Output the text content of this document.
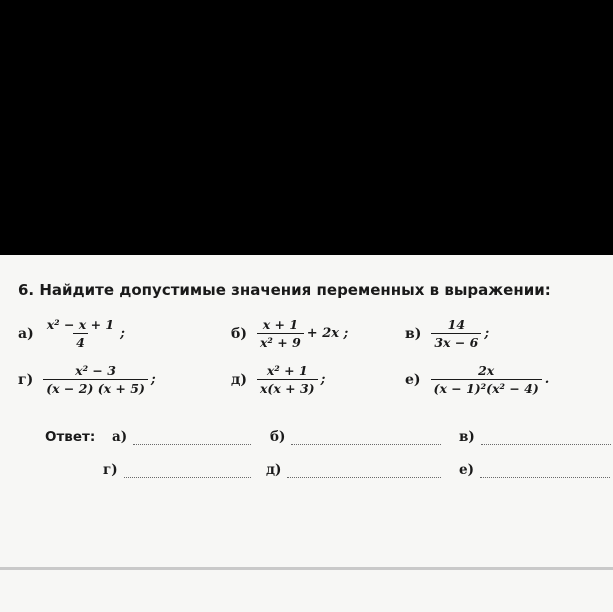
6. Найдите допустимые значения переменных в выражении:
$а) \frac{\text{x² − x + 1}}{4}$ ;	$б) \frac{x + 1}{\text{x² + 9}} + 2x$ ;	$в) \frac{14}{3x - 6}$ ;
$г) \frac{\text{x² − 3}}{(x - 2) (x + 5)}$ ;	$д) \frac{\text{x² + 1}}{x(x + 3)}$ ;	$е) \frac{2x}{\text{(x − 1)²(x² − 4)}}$ .
Ответ: а)	б)	в)
г)	д)	е)
